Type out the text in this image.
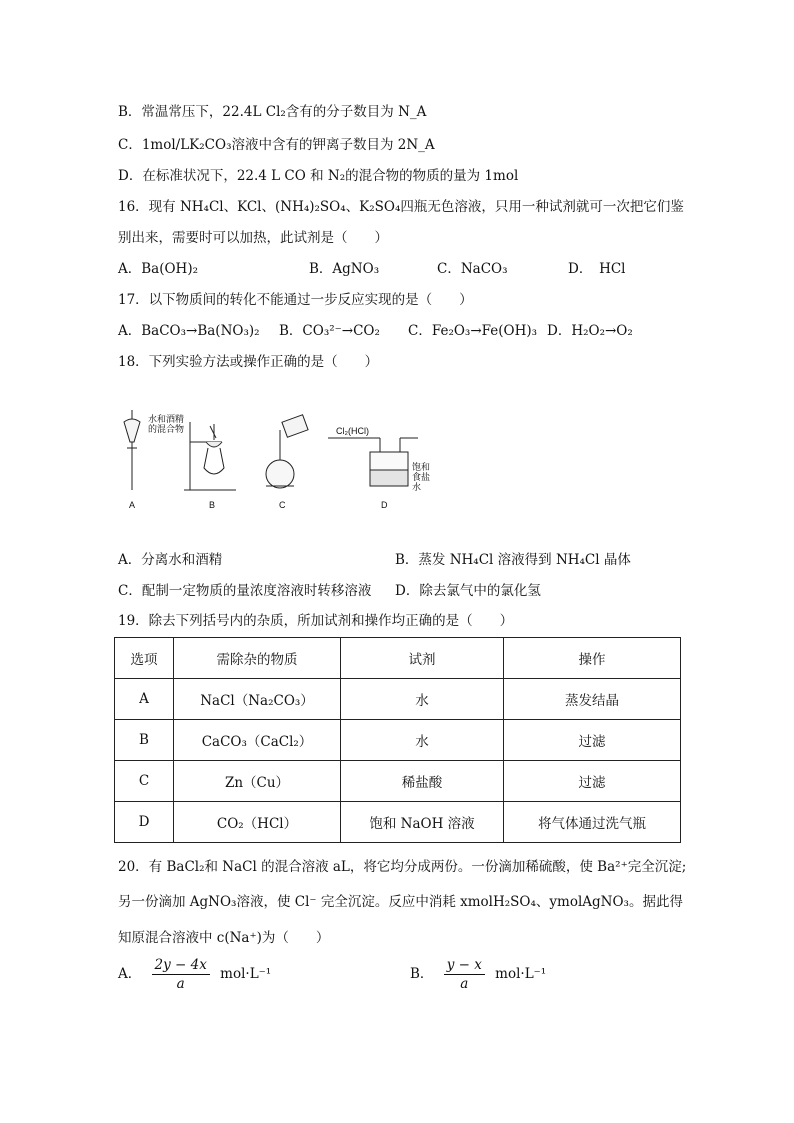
B．常温常压下，22.4L Cl₂含有的分子数目为 N_A
C．1mol/LK₂CO₃溶液中含有的钾离子数目为 2N_A
D．在标准状况下，22.4 L CO 和 N₂的混合物的物质的量为 1mol
16．现有 NH₄Cl、KCl、(NH₄)₂SO₄、K₂SO₄四瓶无色溶液，只用一种试剂就可一次把它们鉴
别出来，需要时可以加热，此试剂是（　　）
A．Ba(OH)₂	B．AgNO₃	C．NaCO₃	D．　HCl
17．以下物质间的转化不能通过一步反应实现的是（　　）
A．BaCO₃→Ba(NO₃)₂ B．CO₃²⁻→CO₂ C．Fe₂O₃→Fe(OH)₃ D．H₂O₂→O₂
18．下列实验方法或操作正确的是（　　）
水和酒精的混合物
A	B	C	D
Cl₂(HCl)
饱和食盐水
A．分离水和酒精	B．蒸发 NH₄Cl 溶液得到 NH₄Cl 晶体
C．配制一定物质的量浓度溶液时转移溶液 D．除去氯气中的氯化氢
19．除去下列括号内的杂质，所加试剂和操作均正确的是（　　）
选项	需除杂的物质	试剂	操作
A	NaCl（Na₂CO₃）	水	蒸发结晶
B	CaCO₃（CaCl₂）	水	过滤
C	Zn（Cu）	稀盐酸	过滤
D	CO₂（HCl）	饱和 NaOH 溶液	将气体通过洗气瓶
20．有 BaCl₂和 NaCl 的混合溶液 aL，将它均分成两份。一份滴加稀硫酸，使 Ba²⁺完全沉淀;
另一份滴加 AgNO₃溶液，使 Cl⁻ 完全沉淀。反应中消耗 xmolH₂SO₄、ymolAgNO₃。据此得
知原混合溶液中 c(Na⁺)为（　　）
A． $\frac{2y - 4x}{a} mol\cdot L^{-1}$	B． $\frac{y - x}{a} mol\cdot L^{-1}$
